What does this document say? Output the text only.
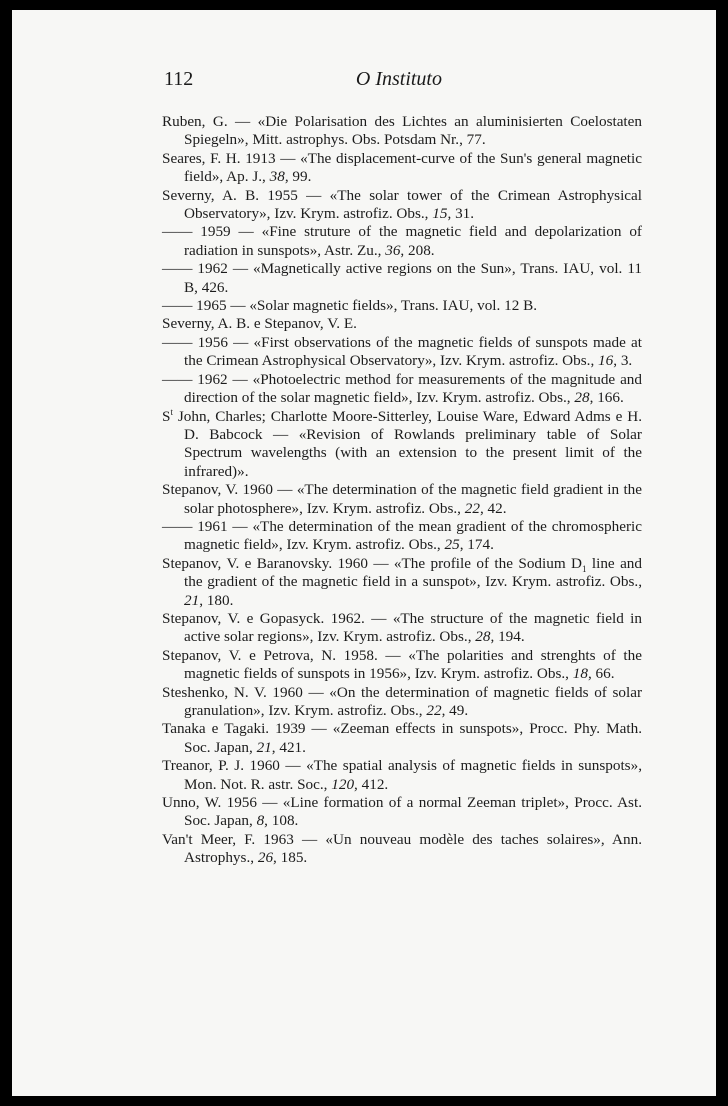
112	O Instituto

Ruben, G. — «Die Polarisation des Lichtes an aluminisierten Coelostaten Spiegeln», Mitt. astrophys. Obs. Potsdam Nr., 77.

Seares, F. H. 1913 — «The displacement-curve of the Sun's general magnetic field», Ap. J., 38, 99.

Severny, A. B. 1955 — «The solar tower of the Crimean Astrophysical Observatory», Izv. Krym. astrofiz. Obs., 15, 31.

—— 1959 — «Fine struture of the magnetic field and depolarization of radiation in sunspots», Astr. Zu., 36, 208.

—— 1962 — «Magnetically active regions on the Sun», Trans. IAU, vol. 11 B, 426.

—— 1965 — «Solar magnetic fields», Trans. IAU, vol. 12 B.

Severny, A. B. e Stepanov, V. E.

—— 1956 — «First observations of the magnetic fields of sunspots made at the Crimean Astrophysical Observatory», Izv. Krym. astrofiz. Obs., 16, 3.

—— 1962 — «Photoelectric method for measurements of the magnitude and direction of the solar magnetic field», Izv. Krym. astrofiz. Obs., 28, 166.

$S^t$ John, Charles; Charlotte Moore-Sitterley, Louise Ware, Edward Adms e H. D. Babcock — «Revision of Rowlands preliminary table of Solar Spectrum wavelengths (with an extension to the present limit of the infrared)».

Stepanov, V. 1960 — «The determination of the magnetic field gradient in the solar photosphere», Izv. Krym. astrofiz. Obs., 22, 42.

—— 1961 — «The determination of the mean gradient of the chromospheric magnetic field», Izv. Krym. astrofiz. Obs., 25, 174.

Stepanov, V. e Baranovsky. 1960 — «The profile of the Sodium $D_1$ line and the gradient of the magnetic field in a sunspot», Izv. Krym. astrofiz. Obs., 21, 180.

Stepanov, V. e Gopasyck. 1962. — «The structure of the magnetic field in active solar regions», Izv. Krym. astrofiz. Obs., 28, 194.

Stepanov, V. e Petrova, N. 1958. — «The polarities and strenghts of the magnetic fields of sunspots in 1956», Izv. Krym. astrofiz. Obs., 18, 66.

Steshenko, N. V. 1960 — «On the determination of magnetic fields of solar granulation», Izv. Krym. astrofiz. Obs., 22, 49.

Tanaka e Tagaki. 1939 — «Zeeman effects in sunspots», Procc. Phy. Math. Soc. Japan, 21, 421.

Treanor, P. J. 1960 — «The spatial analysis of magnetic fields in sunspots», Mon. Not. R. astr. Soc., 120, 412.

Unno, W. 1956 — «Line formation of a normal Zeeman triplet», Procc. Ast. Soc. Japan, 8, 108.

Van't Meer, F. 1963 — «Un nouveau modèle des taches solaires», Ann. Astrophys., 26, 185.
